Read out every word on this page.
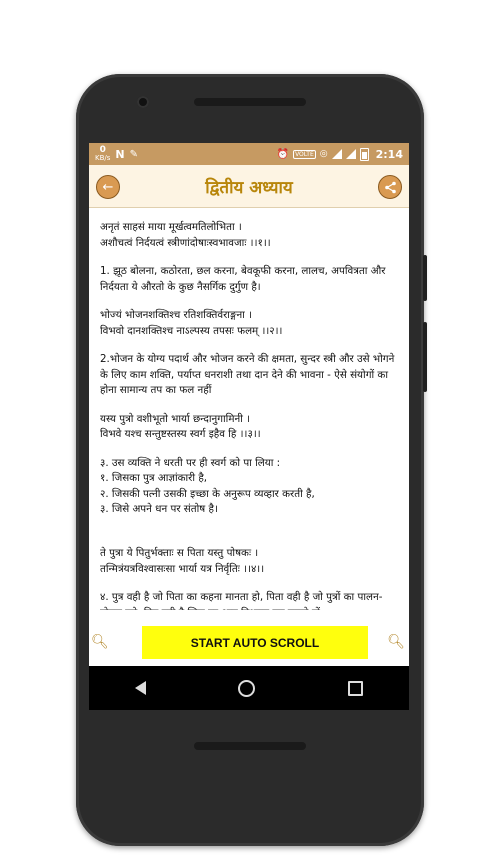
0
KB/s N ✎	⏰	VOLTE ◎	2:14
←	द्वितीय अध्याय

अनृतं साहसं माया मूर्खत्वमतिलोभिता ।
अशौचत्वं निर्दयत्वं स्त्रीणांदोषाःस्वभावजाः ।।१।।

1. झूठ बोलना, कठोरता, छल करना, बेवकूफी करना, लालच, अपवित्रता और निर्दयता ये औरतो के कुछ नैसर्गिक दुर्गुण है।

भोज्यं भोजनशक्तिश्च रतिशक्तिर्वराङ्गना ।
विभवो दानशक्तिश्च नाऽल्पस्य तपसः फलम् ।।२।।

2.भोजन के योग्य पदार्थ और भोजन करने की क्षमता, सुन्दर स्त्री और उसे भोगने के लिए काम शक्ति, पर्याप्त धनराशी तथा दान देने की भावना - ऐसे संयोगों का होना सामान्य तप का फल नहीं

यस्य पुत्रो वशीभूतो भार्या छन्दानुगामिनी ।
विभवे यश्च सन्तुष्टस्तस्य स्वर्ग इहैव हि ।।३।।

३. उस व्यक्ति ने धरती पर ही स्वर्ग को पा लिया :
१. जिसका पुत्र आज्ञांकारी है,
२. जिसकी पत्नी उसकी इच्छा के अनुरूप व्यव्हार करती है,
३. जिसे अपने धन पर संतोष है।

ते पुत्रा ये पितुर्भक्ताः स पिता यस्तु पोषकः ।
तन्मित्रंयत्रविश्वासःसा भार्या यत्र निर्वृतिः ।।४।।

४. पुत्र वही है जो पिता का कहना मानता हो, पिता वही है जो पुत्रों का पालन-

🔍︎	START AUTO SCROLL	🔍︎
